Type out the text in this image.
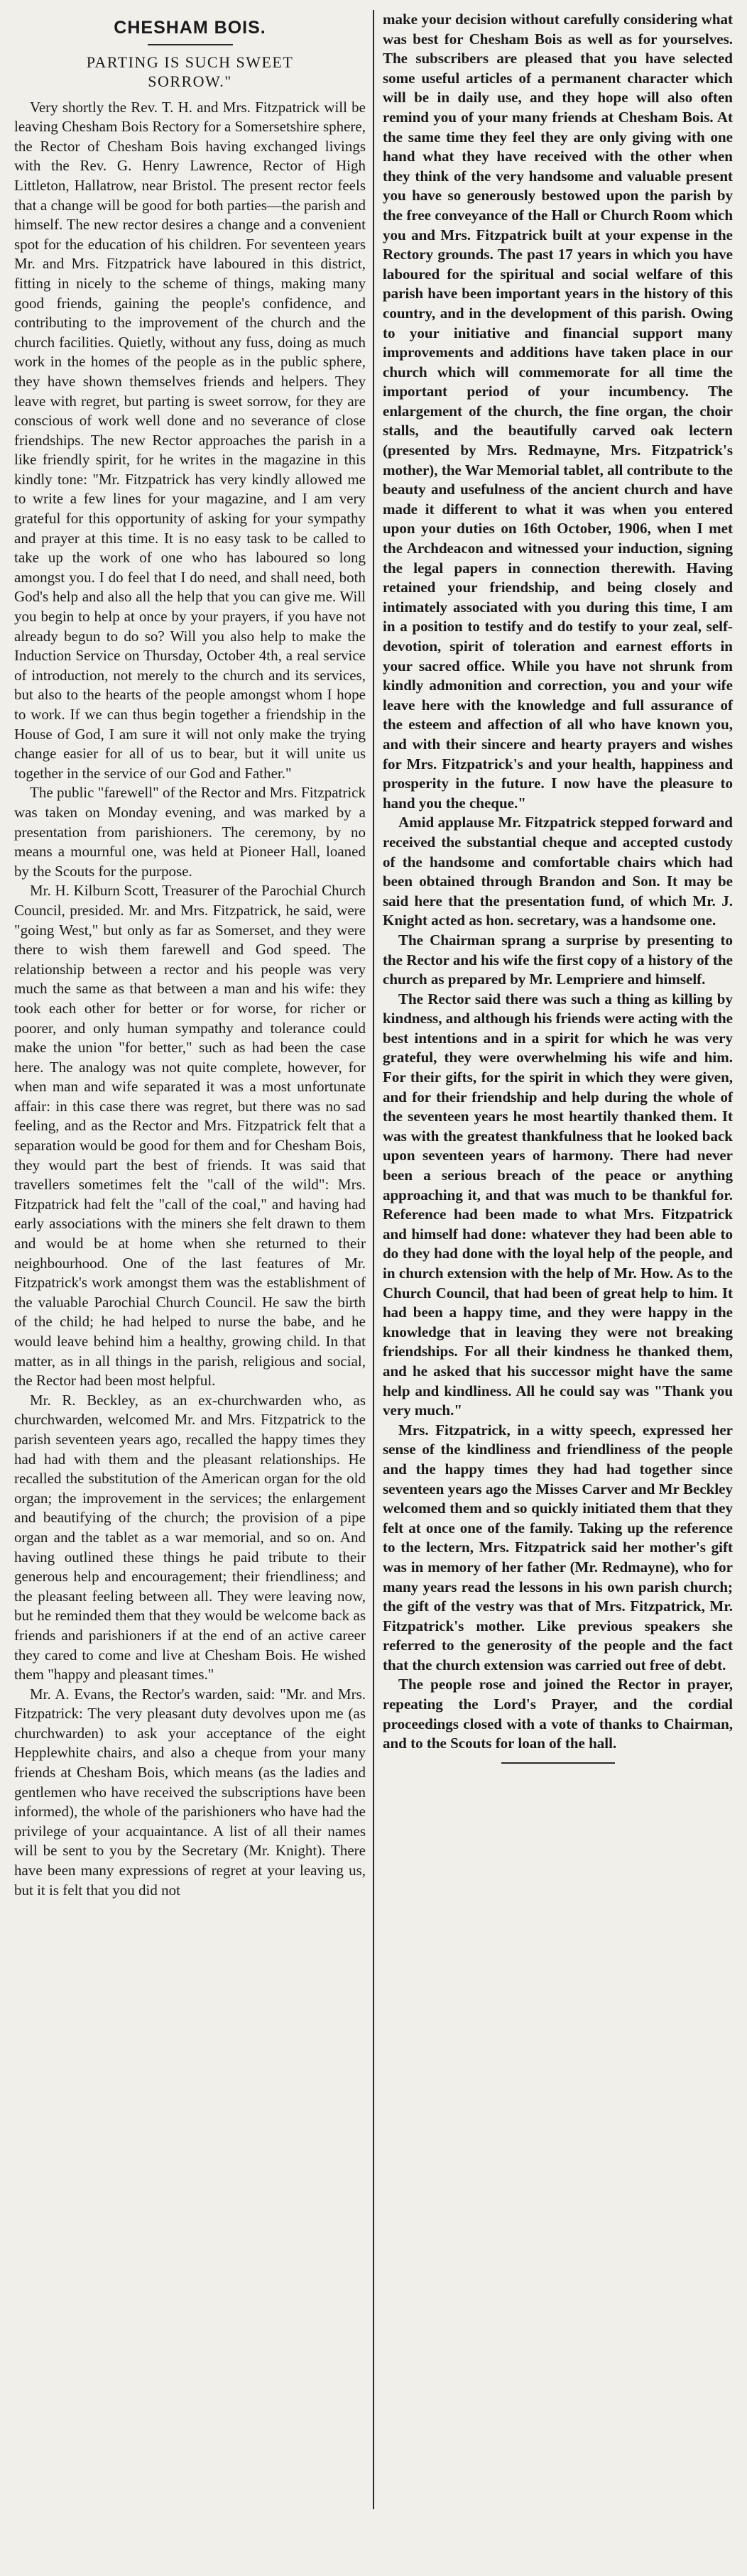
CHESHAM BOIS.
PARTING IS SUCH SWEET
SORROW."

Very shortly the Rev. T. H. and Mrs. Fitzpatrick will be leaving Chesham Bois Rectory for a Somersetshire sphere, the Rector of Chesham Bois having exchanged livings with the Rev. G. Henry Lawrence, Rector of High Littleton, Hallatrow, near Bristol. The present rector feels that a change will be good for both parties—the parish and himself. The new rector desires a change and a convenient spot for the education of his children. For seventeen years Mr. and Mrs. Fitzpatrick have laboured in this district, fitting in nicely to the scheme of things, making many good friends, gaining the people's confidence, and contributing to the improvement of the church and the church facilities. Quietly, without any fuss, doing as much work in the homes of the people as in the public sphere, they have shown themselves friends and helpers. They leave with regret, but parting is sweet sorrow, for they are conscious of work well done and no severance of close friendships. The new Rector approaches the parish in a like friendly spirit, for he writes in the magazine in this kindly tone: "Mr. Fitzpatrick has very kindly allowed me to write a few lines for your magazine, and I am very grateful for this opportunity of asking for your sympathy and prayer at this time. It is no easy task to be called to take up the work of one who has laboured so long amongst you. I do feel that I do need, and shall need, both God's help and also all the help that you can give me. Will you begin to help at once by your prayers, if you have not already begun to do so? Will you also help to make the Induction Service on Thursday, October 4th, a real service of introduction, not merely to the church and its services, but also to the hearts of the people amongst whom I hope to work. If we can thus begin together a friendship in the House of God, I am sure it will not only make the trying change easier for all of us to bear, but it will unite us together in the service of our God and Father."

The public "farewell" of the Rector and Mrs. Fitzpatrick was taken on Monday evening, and was marked by a presentation from parishioners. The ceremony, by no means a mournful one, was held at Pioneer Hall, loaned by the Scouts for the purpose.

Mr. H. Kilburn Scott, Treasurer of the Parochial Church Council, presided. Mr. and Mrs. Fitzpatrick, he said, were "going West," but only as far as Somerset, and they were there to wish them farewell and God speed. The relationship between a rector and his people was very much the same as that between a man and his wife: they took each other for better or for worse, for richer or poorer, and only human sympathy and tolerance could make the union "for better," such as had been the case here. The analogy was not quite complete, however, for when man and wife separated it was a most unfortunate affair: in this case there was regret, but there was no sad feeling, and as the Rector and Mrs. Fitzpatrick felt that a separation would be good for them and for Chesham Bois, they would part the best of friends. It was said that travellers sometimes felt the "call of the wild": Mrs. Fitzpatrick had felt the "call of the coal," and having had early associations with the miners she felt drawn to them and would be at home when she returned to their neighbourhood. One of the last features of Mr. Fitzpatrick's work amongst them was the establishment of the valuable Parochial Church Council. He saw the birth of the child; he had helped to nurse the babe, and he would leave behind him a healthy, growing child. In that matter, as in all things in the parish, religious and social, the Rector had been most helpful.

Mr. R. Beckley, as an ex-churchwarden who, as churchwarden, welcomed Mr. and Mrs. Fitzpatrick to the parish seventeen years ago, recalled the happy times they had had with them and the pleasant relationships. He recalled the substitution of the American organ for the old organ; the improvement in the services; the enlargement and beautifying of the church; the provision of a pipe organ and the tablet as a war memorial, and so on. And having outlined these things he paid tribute to their generous help and encouragement; their friendliness; and the pleasant feeling between all. They were leaving now, but he reminded them that they would be welcome back as friends and parishioners if at the end of an active career they cared to come and live at Chesham Bois. He wished them "happy and pleasant times."

Mr. A. Evans, the Rector's warden, said: "Mr. and Mrs. Fitzpatrick: The very pleasant duty devolves upon me (as churchwarden) to ask your acceptance of the eight Hepplewhite chairs, and also a cheque from your many friends at Chesham Bois, which means (as the ladies and gentlemen who have received the subscriptions have been informed), the whole of the parishioners who have had the privilege of your acquaintance. A list of all their names will be sent to you by the Secretary (Mr. Knight). There have been many expressions of regret at your leaving us, but it is felt that you did not

make your decision without carefully considering what was best for Chesham Bois as well as for yourselves. The subscribers are pleased that you have selected some useful articles of a permanent character which will be in daily use, and they hope will also often remind you of your many friends at Chesham Bois. At the same time they feel they are only giving with one hand what they have received with the other when they think of the very handsome and valuable present you have so generously bestowed upon the parish by the free conveyance of the Hall or Church Room which you and Mrs. Fitzpatrick built at your expense in the Rectory grounds. The past 17 years in which you have laboured for the spiritual and social welfare of this parish have been important years in the history of this country, and in the development of this parish. Owing to your initiative and financial support many improvements and additions have taken place in our church which will commemorate for all time the important period of your incumbency. The enlargement of the church, the fine organ, the choir stalls, and the beautifully carved oak lectern (presented by Mrs. Redmayne, Mrs. Fitzpatrick's mother), the War Memorial tablet, all contribute to the beauty and usefulness of the ancient church and have made it different to what it was when you entered upon your duties on 16th October, 1906, when I met the Archdeacon and witnessed your induction, signing the legal papers in connection therewith. Having retained your friendship, and being closely and intimately associated with you during this time, I am in a position to testify and do testify to your zeal, self-devotion, spirit of toleration and earnest efforts in your sacred office. While you have not shrunk from kindly admonition and correction, you and your wife leave here with the knowledge and full assurance of the esteem and affection of all who have known you, and with their sincere and hearty prayers and wishes for Mrs. Fitzpatrick's and your health, happiness and prosperity in the future. I now have the pleasure to hand you the cheque."

Amid applause Mr. Fitzpatrick stepped forward and received the substantial cheque and accepted custody of the handsome and comfortable chairs which had been obtained through Brandon and Son. It may be said here that the presentation fund, of which Mr. J. Knight acted as hon. secretary, was a handsome one.

The Chairman sprang a surprise by presenting to the Rector and his wife the first copy of a history of the church as prepared by Mr. Lempriere and himself.

The Rector said there was such a thing as killing by kindness, and although his friends were acting with the best intentions and in a spirit for which he was very grateful, they were overwhelming his wife and him. For their gifts, for the spirit in which they were given, and for their friendship and help during the whole of the seventeen years he most heartily thanked them. It was with the greatest thankfulness that he looked back upon seventeen years of harmony. There had never been a serious breach of the peace or anything approaching it, and that was much to be thankful for. Reference had been made to what Mrs. Fitzpatrick and himself had done: whatever they had been able to do they had done with the loyal help of the people, and in church extension with the help of Mr. How. As to the Church Council, that had been of great help to him. It had been a happy time, and they were happy in the knowledge that in leaving they were not breaking friendships. For all their kindness he thanked them, and he asked that his successor might have the same help and kindliness. All he could say was "Thank you very much."

Mrs. Fitzpatrick, in a witty speech, expressed her sense of the kindliness and friendliness of the people and the happy times they had had together since seventeen years ago the Misses Carver and Mr Beckley welcomed them and so quickly initiated them that they felt at once one of the family. Taking up the reference to the lectern, Mrs. Fitzpatrick said her mother's gift was in memory of her father (Mr. Redmayne), who for many years read the lessons in his own parish church; the gift of the vestry was that of Mrs. Fitzpatrick, Mr. Fitzpatrick's mother. Like previous speakers she referred to the generosity of the people and the fact that the church extension was carried out free of debt.

The people rose and joined the Rector in prayer, repeating the Lord's Prayer, and the cordial proceedings closed with a vote of thanks to Chairman, and to the Scouts for loan of the hall.
